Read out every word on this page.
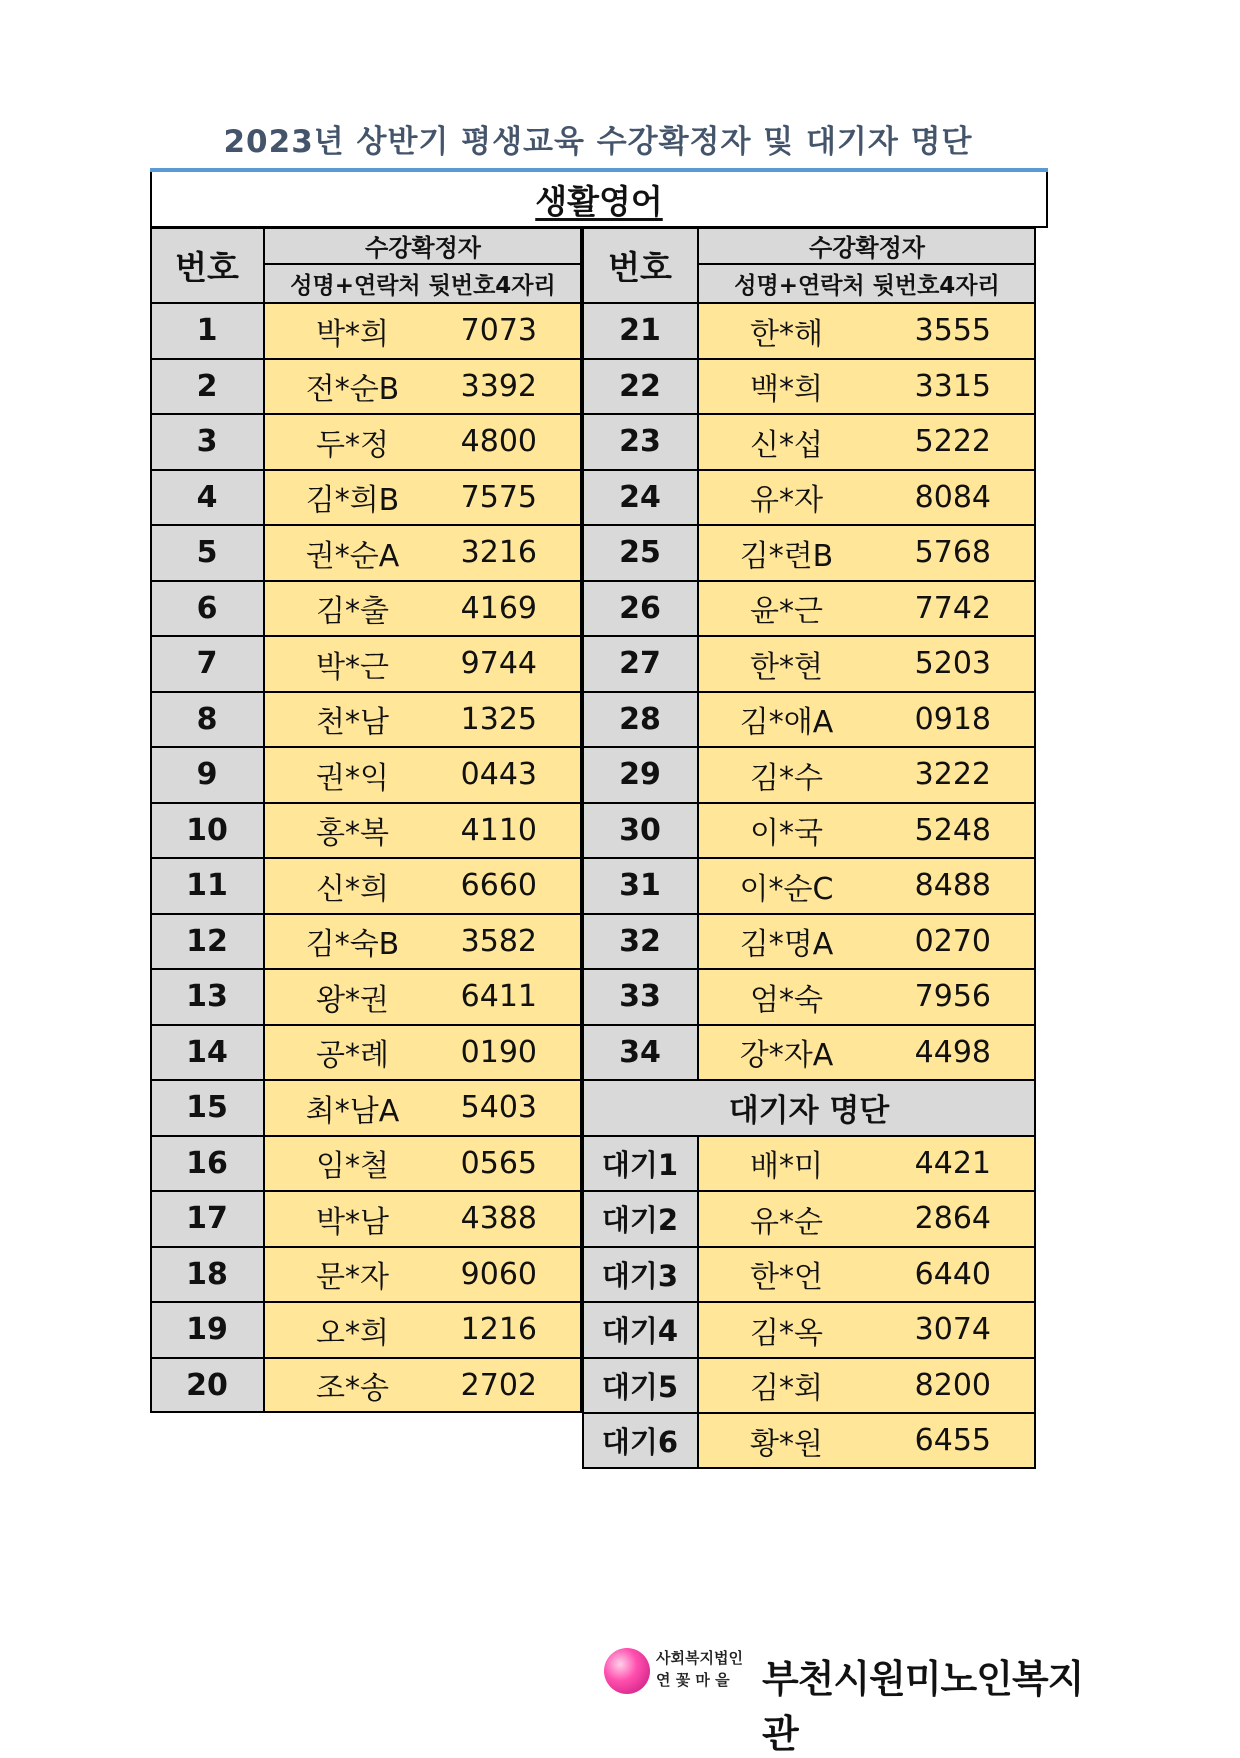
2023년 상반기 평생교육 수강확정자 및 대기자 명단
생활영어
번호	수강확정자
성명+연락처 뒷번호4자리
1	박*희	7073
2	전*순B	3392
3	두*정	4800
4	김*희B	7575
5	권*순A	3216
6	김*출	4169
7	박*근	9744
8	천*남	1325
9	권*익	0443
10	홍*복	4110
11	신*희	6660
12	김*숙B	3582
13	왕*권	6411
14	공*례	0190
15	최*남A	5403
16	임*철	0565
17	박*남	4388
18	문*자	9060
19	오*희	1216
20	조*송	2702
번호	수강확정자
성명+연락처 뒷번호4자리
21	한*해	3555
22	백*희	3315
23	신*섭	5222
24	유*자	8084
25	김*련B	5768
26	윤*근	7742
27	한*현	5203
28	김*애A	0918
29	김*수	3222
30	이*국	5248
31	이*순C	8488
32	김*명A	0270
33	엄*숙	7956
34	강*자A	4498
대기자 명단
대기1	배*미	4421
대기2	유*순	2864
대기3	한*언	6440
대기4	김*옥	3074
대기5	김*회	8200
대기6	황*원	6455
사회복지법인
연 꽃 마 을 부천시원미노인복지관
